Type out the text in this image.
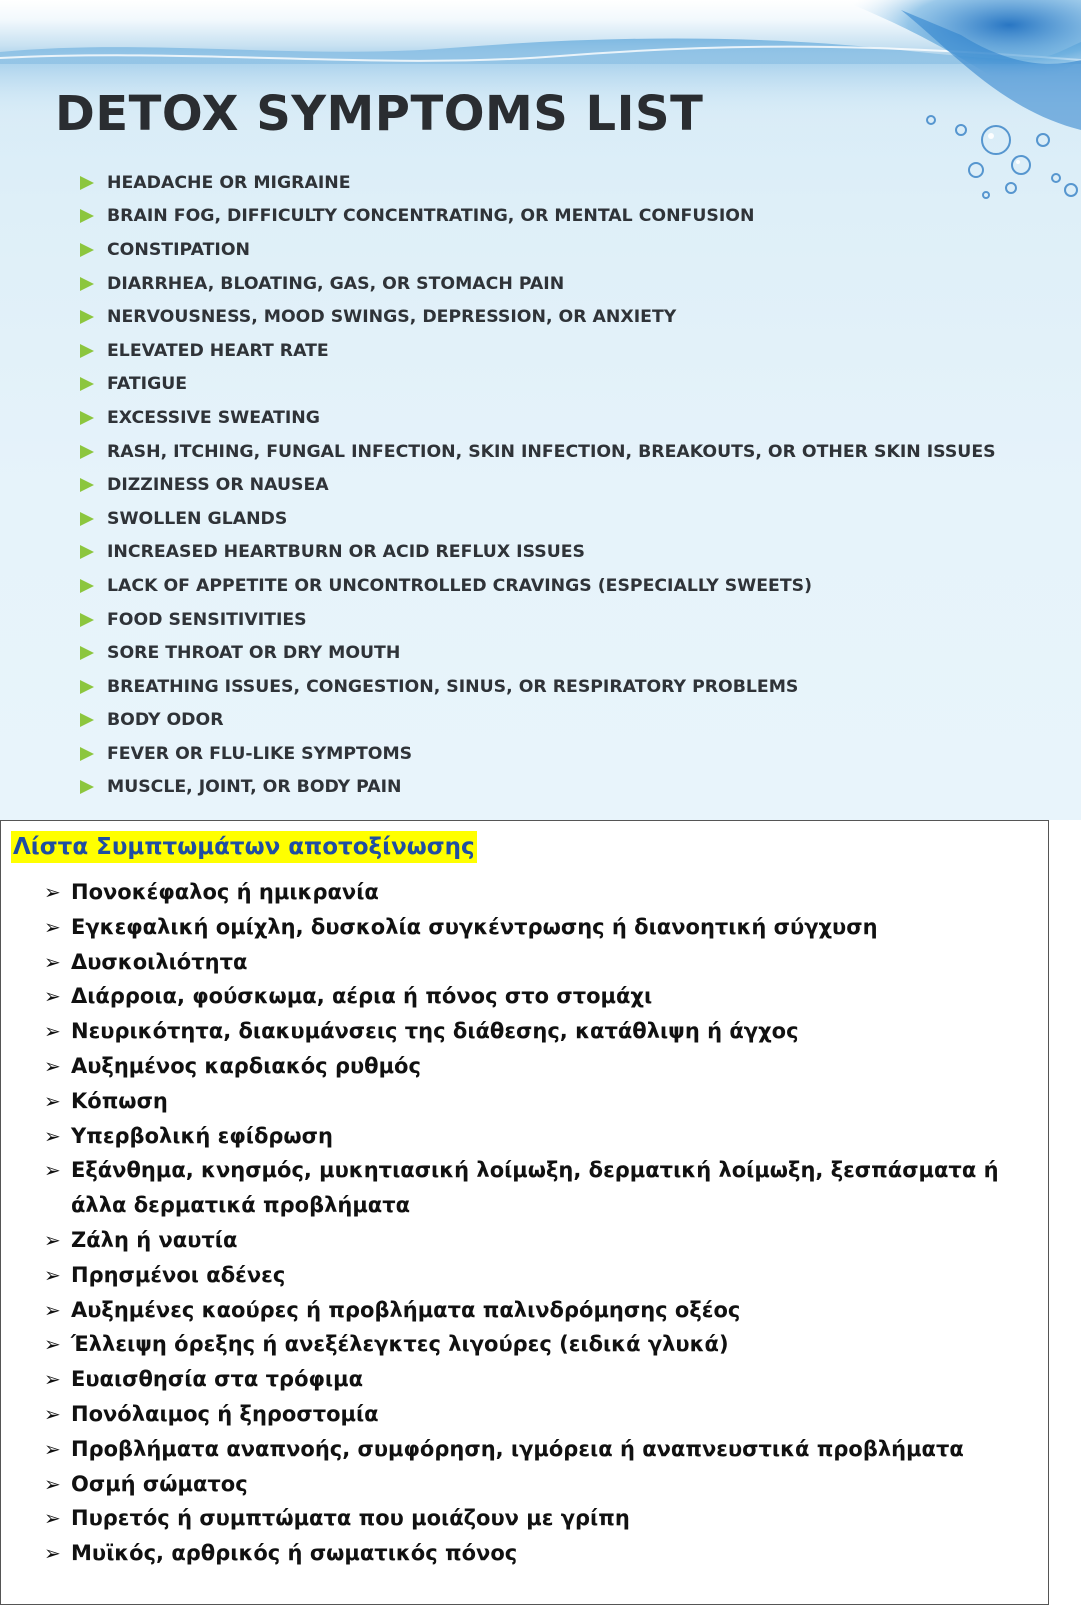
DETOX SYMPTOMS LIST
HEADACHE OR MIGRAINE
BRAIN FOG, DIFFICULTY CONCENTRATING, OR MENTAL CONFUSION
CONSTIPATION
DIARRHEA, BLOATING, GAS, OR STOMACH PAIN
NERVOUSNESS, MOOD SWINGS, DEPRESSION, OR ANXIETY
ELEVATED HEART RATE
FATIGUE
EXCESSIVE SWEATING
RASH, ITCHING, FUNGAL INFECTION, SKIN INFECTION, BREAKOUTS, OR OTHER SKIN ISSUES
DIZZINESS OR NAUSEA
SWOLLEN GLANDS
INCREASED HEARTBURN OR ACID REFLUX ISSUES
LACK OF APPETITE OR UNCONTROLLED CRAVINGS (ESPECIALLY SWEETS)
FOOD SENSITIVITIES
SORE THROAT OR DRY MOUTH
BREATHING ISSUES, CONGESTION, SINUS, OR RESPIRATORY PROBLEMS
BODY ODOR
FEVER OR FLU-LIKE SYMPTOMS
MUSCLE, JOINT, OR BODY PAIN
Λίστα Συμπτωμάτων αποτοξίνωσης
➢ Πονοκέφαλος ή ημικρανία
➢ Εγκεφαλική ομίχλη, δυσκολία συγκέντρωσης ή διανοητική σύγχυση
➢ Δυσκοιλιότητα
➢ Διάρροια, φούσκωμα, αέρια ή πόνος στο στομάχι
➢ Νευρικότητα, διακυμάνσεις της διάθεσης, κατάθλιψη ή άγχος
➢ Αυξημένος καρδιακός ρυθμός
➢ Κόπωση
➢ Υπερβολική εφίδρωση
➢ Εξάνθημα, κνησμός, μυκητιασική λοίμωξη, δερματική λοίμωξη, ξεσπάσματα ή άλλα δερματικά προβλήματα
➢ Ζάλη ή ναυτία
➢ Πρησμένοι αδένες
➢ Αυξημένες καούρες ή προβλήματα παλινδρόμησης οξέος
➢ Έλλειψη όρεξης ή ανεξέλεγκτες λιγούρες (ειδικά γλυκά)
➢ Ευαισθησία στα τρόφιμα
➢ Πονόλαιμος ή ξηροστομία
➢ Προβλήματα αναπνοής, συμφόρηση, ιγμόρεια ή αναπνευστικά προβλήματα
➢ Οσμή σώματος
➢ Πυρετός ή συμπτώματα που μοιάζουν με γρίπη
➢ Μυϊκός, αρθρικός ή σωματικός πόνος
